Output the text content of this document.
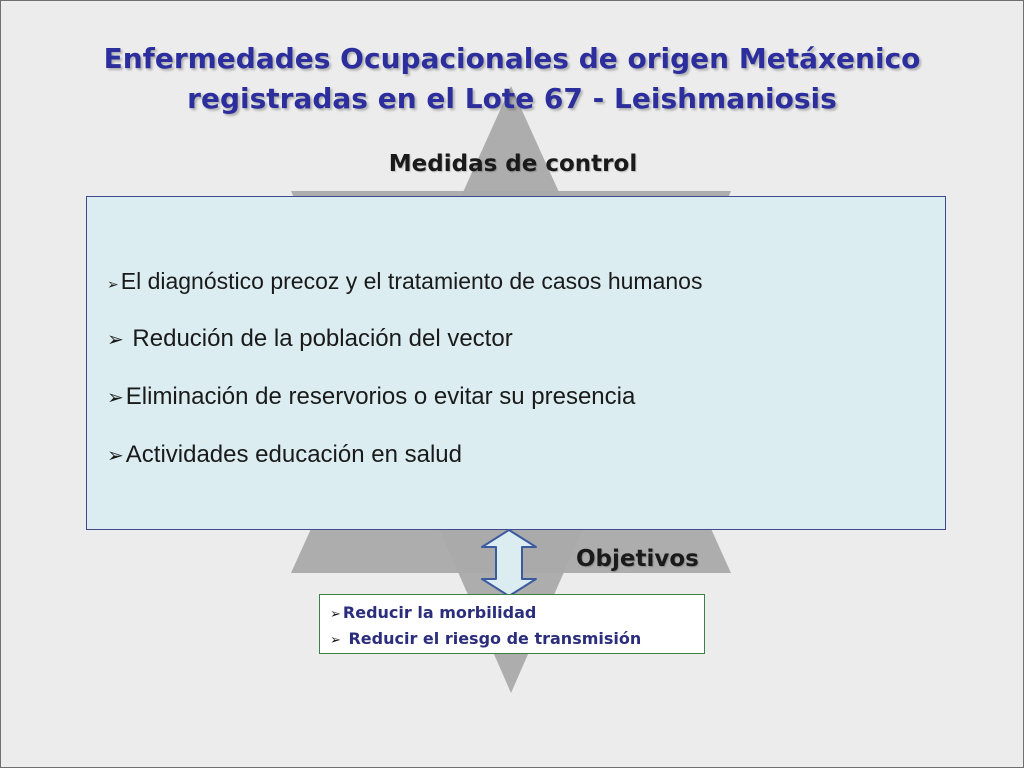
Enfermedades Ocupacionales de origen Metáxenico
registradas en el Lote 67 - Leishmaniosis
Medidas de control
➢El diagnóstico precoz y el tratamiento de casos humanos
➢ Redución de la población del vector
➢Eliminación de reservorios o evitar su presencia
➢Actividades educación en salud
Objetivos
➢ Reducir la morbilidad
➢ Reducir el riesgo de transmisión
